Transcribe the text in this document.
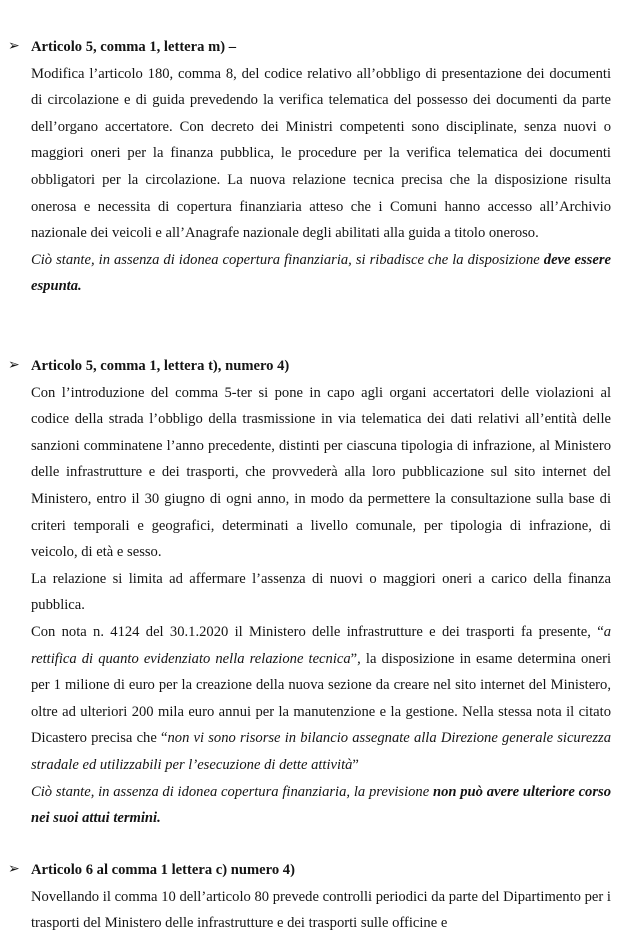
➢ Articolo 5, comma 1, lettera m) –

Modifica l’articolo 180, comma 8, del codice relativo all’obbligo di presentazione dei documenti di circolazione e di guida prevedendo la verifica telematica del possesso dei documenti da parte dell’organo accertatore. Con decreto dei Ministri competenti sono disciplinate, senza nuovi o maggiori oneri per la finanza pubblica, le procedure per la verifica telematica dei documenti obbligatori per la circolazione. La nuova relazione tecnica precisa che la disposizione risulta onerosa e necessita di copertura finanziaria atteso che i Comuni hanno accesso all’Archivio nazionale dei veicoli e all’Anagrafe nazionale degli abilitati alla guida a titolo oneroso.

Ciò stante, in assenza di idonea copertura finanziaria, si ribadisce che la disposizione deve essere espunta.

➢ Articolo 5, comma 1, lettera t), numero 4)

Con l’introduzione del comma 5-ter si pone in capo agli organi accertatori delle violazioni al codice della strada l’obbligo della trasmissione in via telematica dei dati relativi all’entità delle sanzioni comminatene l’anno precedente, distinti per ciascuna tipologia di infrazione, al Ministero delle infrastrutture e dei trasporti, che provvederà alla loro pubblicazione sul sito internet del Ministero, entro il 30 giugno di ogni anno, in modo da permettere la consultazione sulla base di criteri temporali e geografici, determinati a livello comunale, per tipologia di infrazione, di veicolo, di età e sesso.

La relazione si limita ad affermare l’assenza di nuovi o maggiori oneri a carico della finanza pubblica.

Con nota n. 4124 del 30.1.2020 il Ministero delle infrastrutture e dei trasporti fa presente, “a rettifica di quanto evidenziato nella relazione tecnica”, la disposizione in esame determina oneri per 1 milione di euro per la creazione della nuova sezione da creare nel sito internet del Ministero, oltre ad ulteriori 200 mila euro annui per la manutenzione e la gestione. Nella stessa nota il citato Dicastero precisa che “non vi sono risorse in bilancio assegnate alla Direzione generale sicurezza stradale ed utilizzabili per l’esecuzione di dette attività”

Ciò stante, in assenza di idonea copertura finanziaria, la previsione non può avere ulteriore corso nei suoi attui termini.

➢ Articolo 6 al comma 1 lettera c) numero 4)

Novellando il comma 10 dell’articolo 80 prevede controlli periodici da parte del Dipartimento per i trasporti del Ministero delle infrastrutture e dei trasporti sulle officine e
